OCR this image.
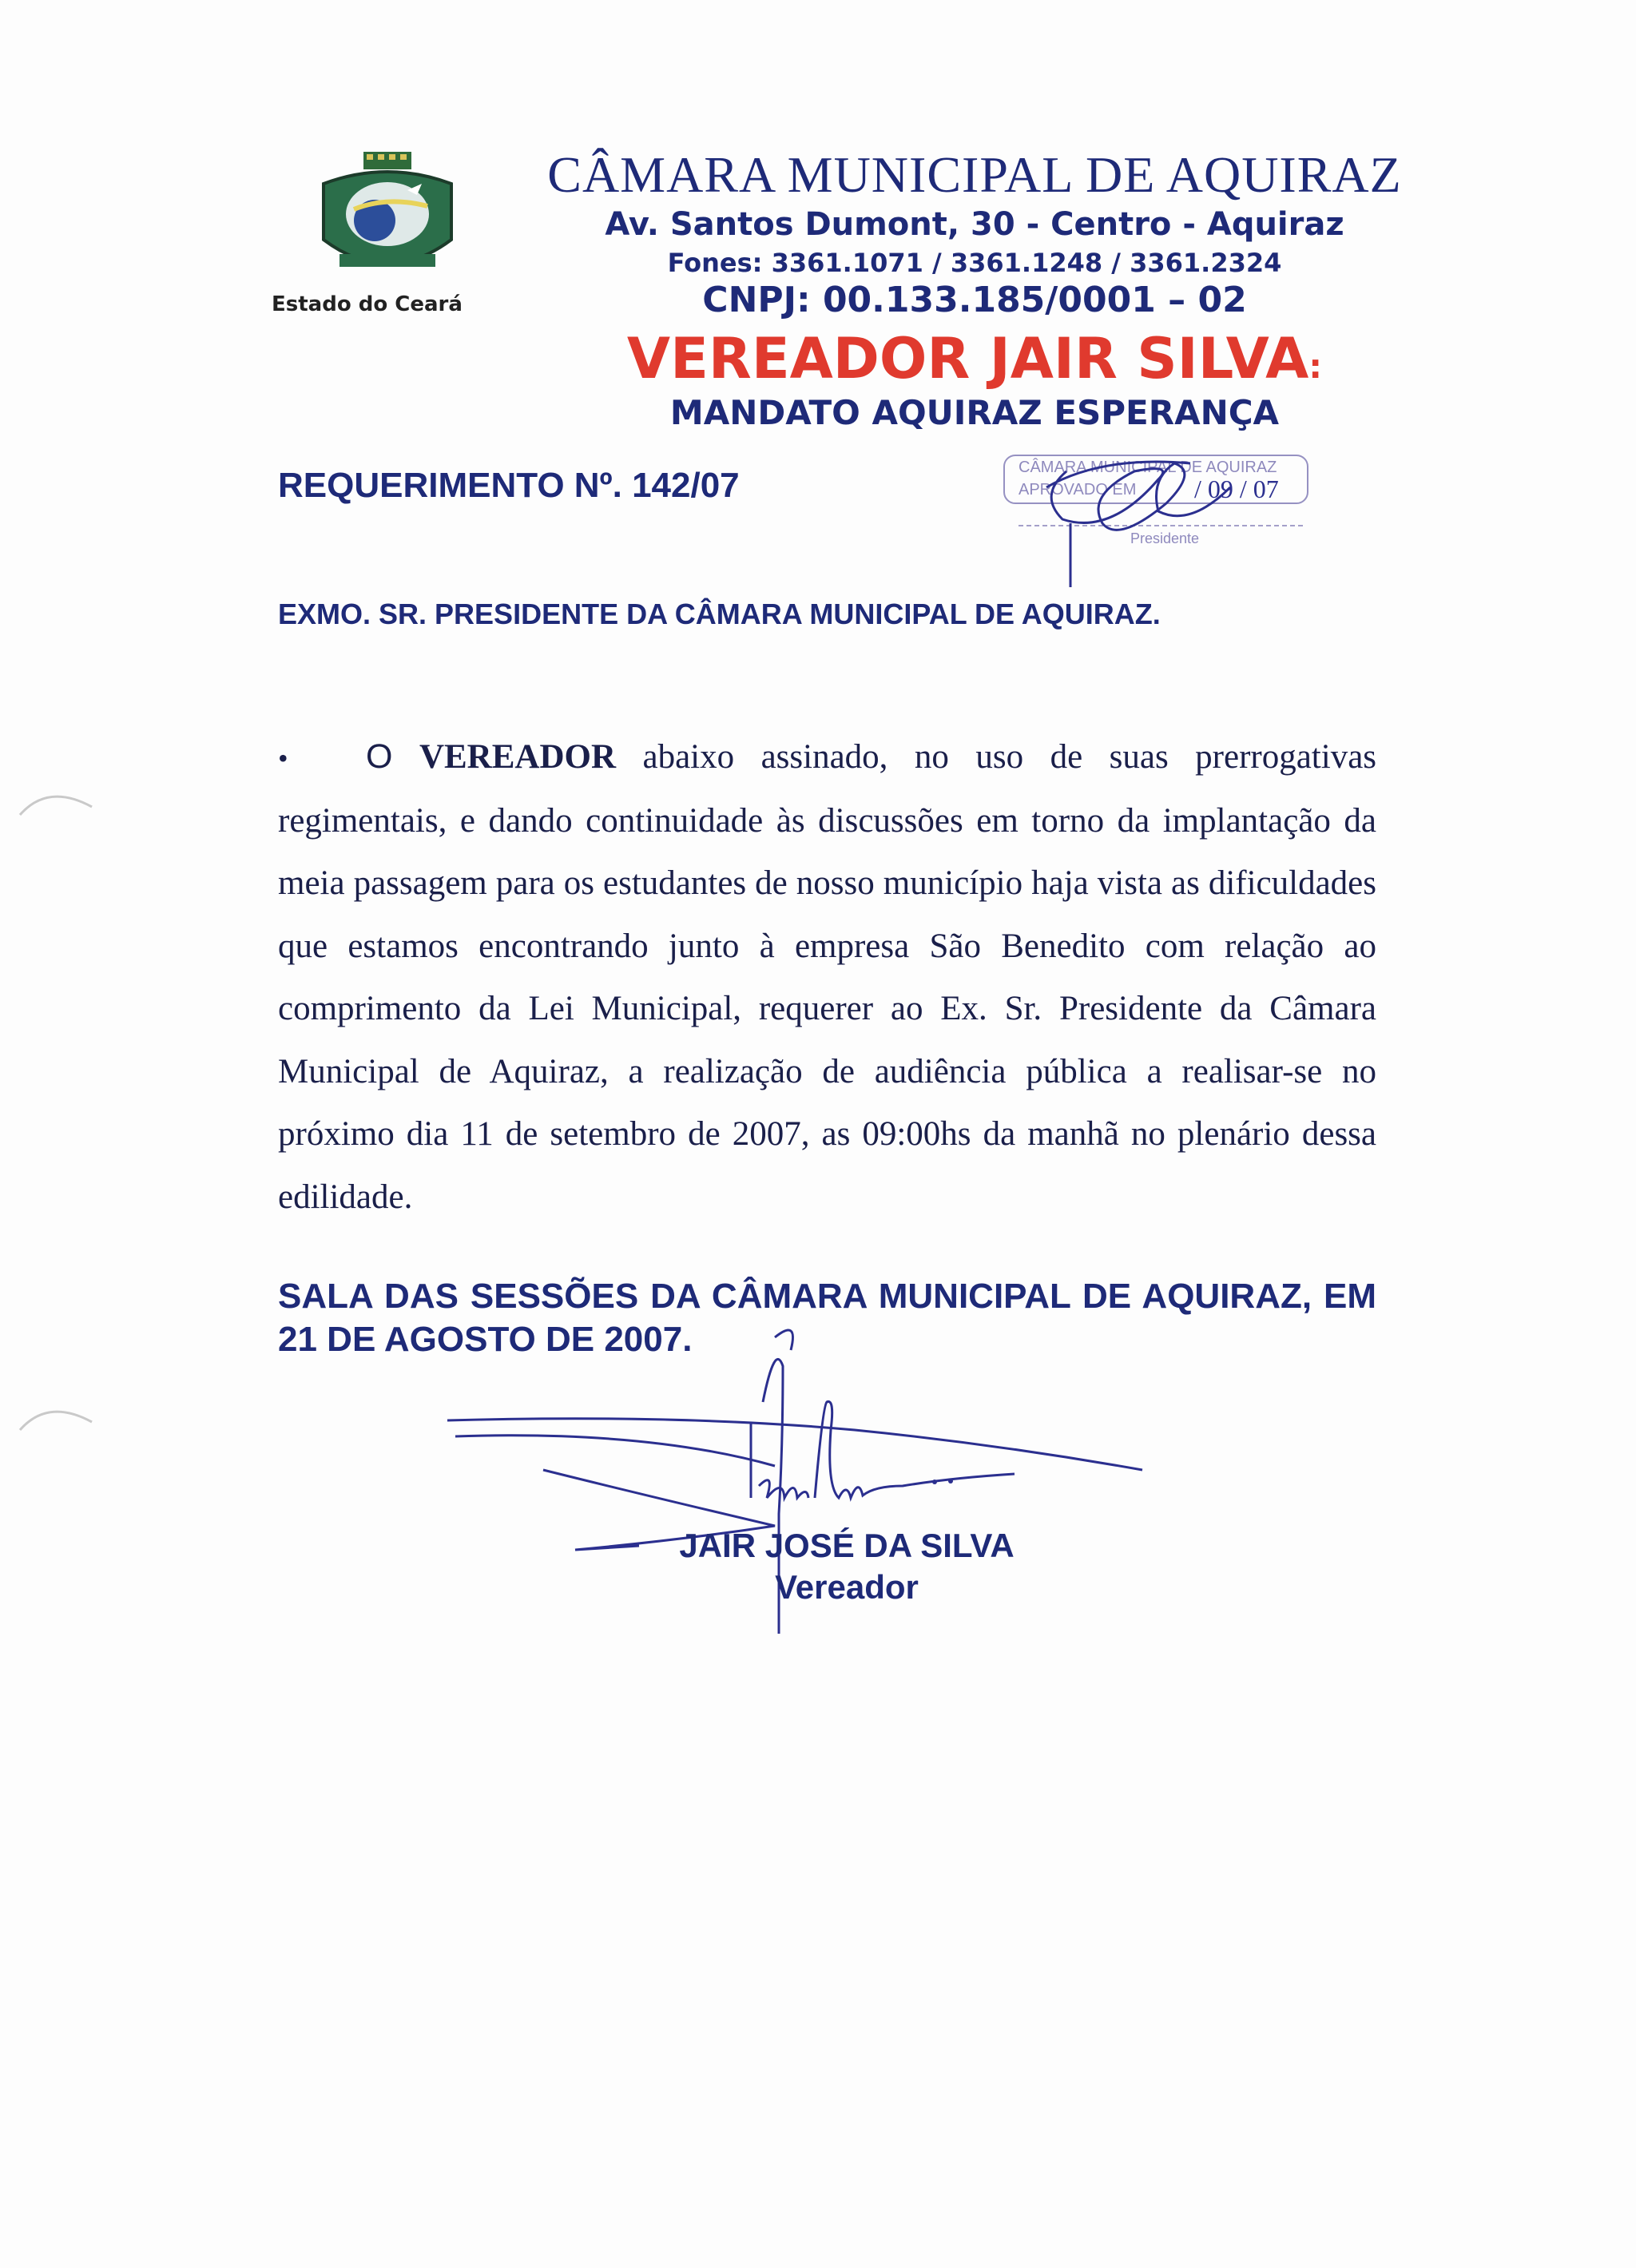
Estado do Ceará
CÂMARA MUNICIPAL DE AQUIRAZ
Av. Santos Dumont, 30 - Centro - Aquiraz
Fones: 3361.1071 / 3361.1248 / 3361.2324
CNPJ: 00.133.185/0001 – 02
VEREADOR JAIR SILVA:
MANDATO AQUIRAZ ESPERANÇA
REQUERIMENTO Nº. 142/07	CÂMARA MUNICIPAL DE AQUIRAZ
APROVADO EM / 09 / 07
Presidente
EXMO. SR. PRESIDENTE DA CÂMARA MUNICIPAL DE AQUIRAZ.
• O VEREADOR abaixo assinado, no uso de suas prerrogativas regimentais, e dando continuidade às discussões em torno da implantação da meia passagem para os estudantes de nosso município haja vista as dificuldades que estamos encontrando junto à empresa São Benedito com relação ao comprimento da Lei Municipal, requerer ao Ex. Sr. Presidente da Câmara Municipal de Aquiraz, a realização de audiência pública a realisar-se no próximo dia 11 de setembro de 2007, as 09:00hs da manhã no plenário dessa edilidade.
SALA DAS SESSÕES DA CÂMARA MUNICIPAL DE AQUIRAZ, EM 21 DE AGOSTO DE 2007.
JAIR JOSÉ DA SILVA
Vereador
